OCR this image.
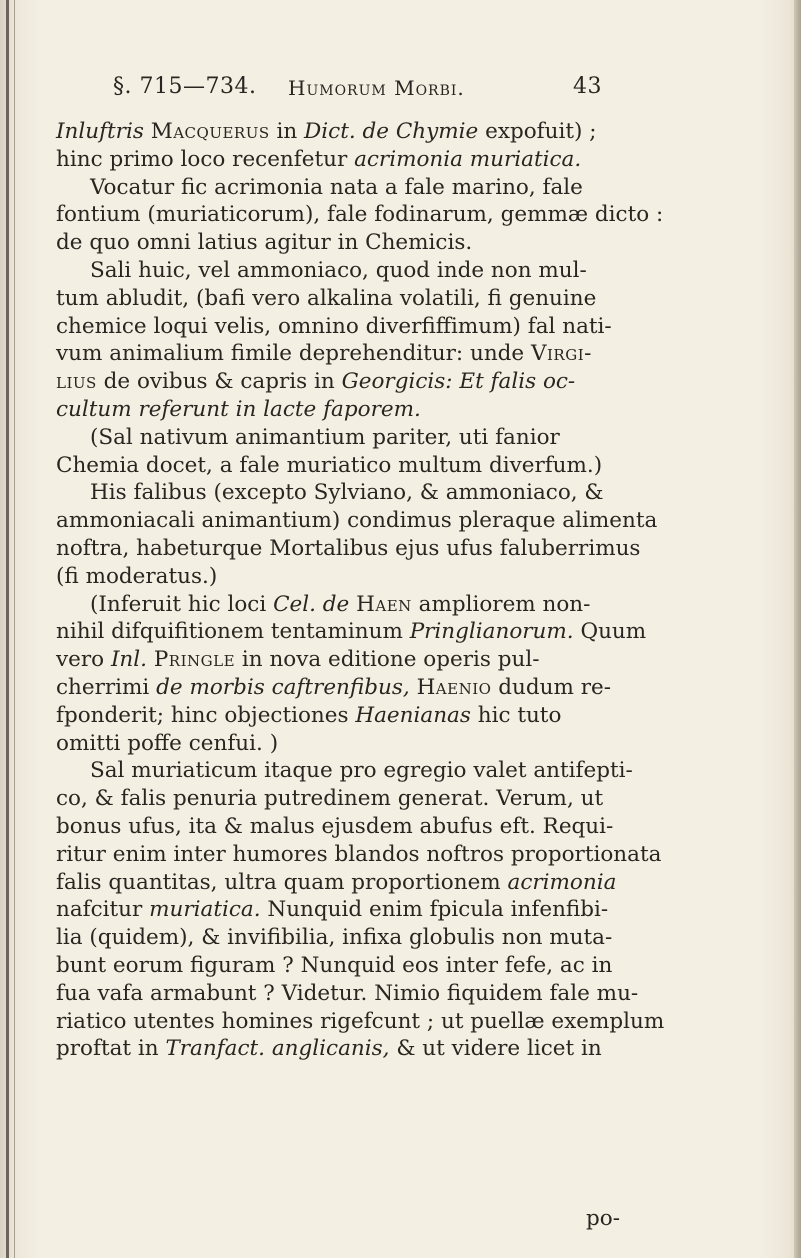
§. 715—734. Humorum Morbi.	43
Inluftris Macquerus in Dict. de Chymie expofuit) ;
hinc primo loco recenfetur acrimonia muriatica.
Vocatur fic acrimonia nata a fale marino, fale
fontium (muriaticorum), fale fodinarum, gemmæ dicto :
de quo omni latius agitur in Chemicis.
Sali huic, vel ammoniaco, quod inde non mul-
tum abludit, (bafi vero alkalina volatili, fi genuine
chemice loqui velis, omnino diverfiffimum) fal nati-
vum animalium fimile deprehenditur: unde Virgi-
lius de ovibus & capris in Georgicis: Et falis oc-
cultum referunt in lacte faporem.
(Sal nativum animantium pariter, uti fanior
Chemia docet, a fale muriatico multum diverfum.)
His falibus (excepto Sylviano, & ammoniaco, &
ammoniacali animantium) condimus pleraque alimenta
noftra, habeturque Mortalibus ejus ufus faluberrimus
(fi moderatus.)
(Inferuit hic loci Cel. de Haen ampliorem non-
nihil difquifitionem tentaminum Pringlianorum. Quum
vero Inl. Pringle in nova editione operis pul-
cherrimi de morbis caftrenfibus, Haenio dudum re-
fponderit; hinc objectiones Haenianas hic tuto
omitti poffe cenfui. )
Sal muriaticum itaque pro egregio valet antifepti-
co, & falis penuria putredinem generat. Verum, ut
bonus ufus, ita & malus ejusdem abufus eft. Requi-
ritur enim inter humores blandos noftros proportionata
falis quantitas, ultra quam proportionem acrimonia
nafcitur muriatica. Nunquid enim fpicula infenfibi-
lia (quidem), & invifibilia, infixa globulis non muta-
bunt eorum figuram ? Nunquid eos inter fefe, ac in
fua vafa armabunt ? Videtur. Nimio fiquidem fale mu-
riatico utentes homines rigefcunt ; ut puellæ exemplum
proftat in Tranfact. anglicanis, & ut videre licet in
po-
